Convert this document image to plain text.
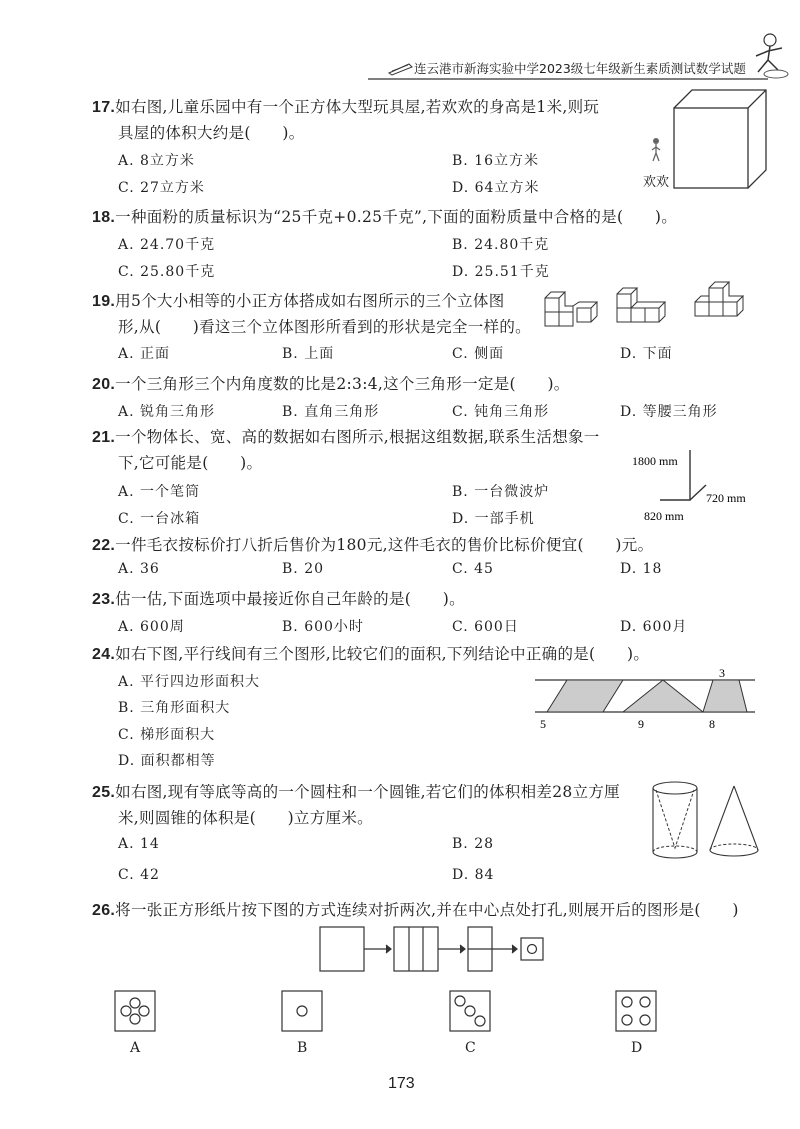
连云港市新海实验中学2023级七年级新生素质测试数学试题
17.如右图,儿童乐园中有一个正方体大型玩具屋,若欢欢的身高是1米,则玩
具屋的体积大约是(　　)。
A. 8立方米	B. 16立方米
C. 27立方米	D. 64立方米	欢欢
18.一种面粉的质量标识为“25千克+0.25千克”,下面的面粉质量中合格的是(　　)。
A. 24.70千克	B. 24.80千克
C. 25.80千克	D. 25.51千克
19.用5个大小相等的小正方体搭成如右图所示的三个立体图
形,从(　　)看这三个立体图形所看到的形状是完全一样的。
A. 正面	B. 上面	C. 侧面	D. 下面
20.一个三角形三个内角度数的比是2:3:4,这个三角形一定是(　　)。
A. 锐角三角形	B. 直角三角形	C. 钝角三角形	D. 等腰三角形
21.一个物体长、宽、高的数据如右图所示,根据这组数据,联系生活想象一
下,它可能是(　　)。
A. 一个笔筒	B. 一台微波炉
C. 一台冰箱	D. 一部手机
1800 mm
720 mm
820 mm
22.一件毛衣按标价打八折后售价为180元,这件毛衣的售价比标价便宜(　　)元。
A. 36	B. 20	C. 45	D. 18
23.估一估,下面选项中最接近你自己年龄的是(　　)。
A. 600周	B. 600小时	C. 600日	D. 600月
24.如右下图,平行线间有三个图形,比较它们的面积,下列结论中正确的是(　　)。
A. 平行四边形面积大
B. 三角形面积大
C. 梯形面积大
D. 面积都相等
3
5	9	8
25.如右图,现有等底等高的一个圆柱和一个圆锥,若它们的体积相差28立方厘
米,则圆锥的体积是(　　)立方厘米。
A. 14	B. 28
C. 42	D. 84
26.将一张正方形纸片按下图的方式连续对折两次,并在中心点处打孔,则展开后的图形是(　　)
A	B	C	D
173
